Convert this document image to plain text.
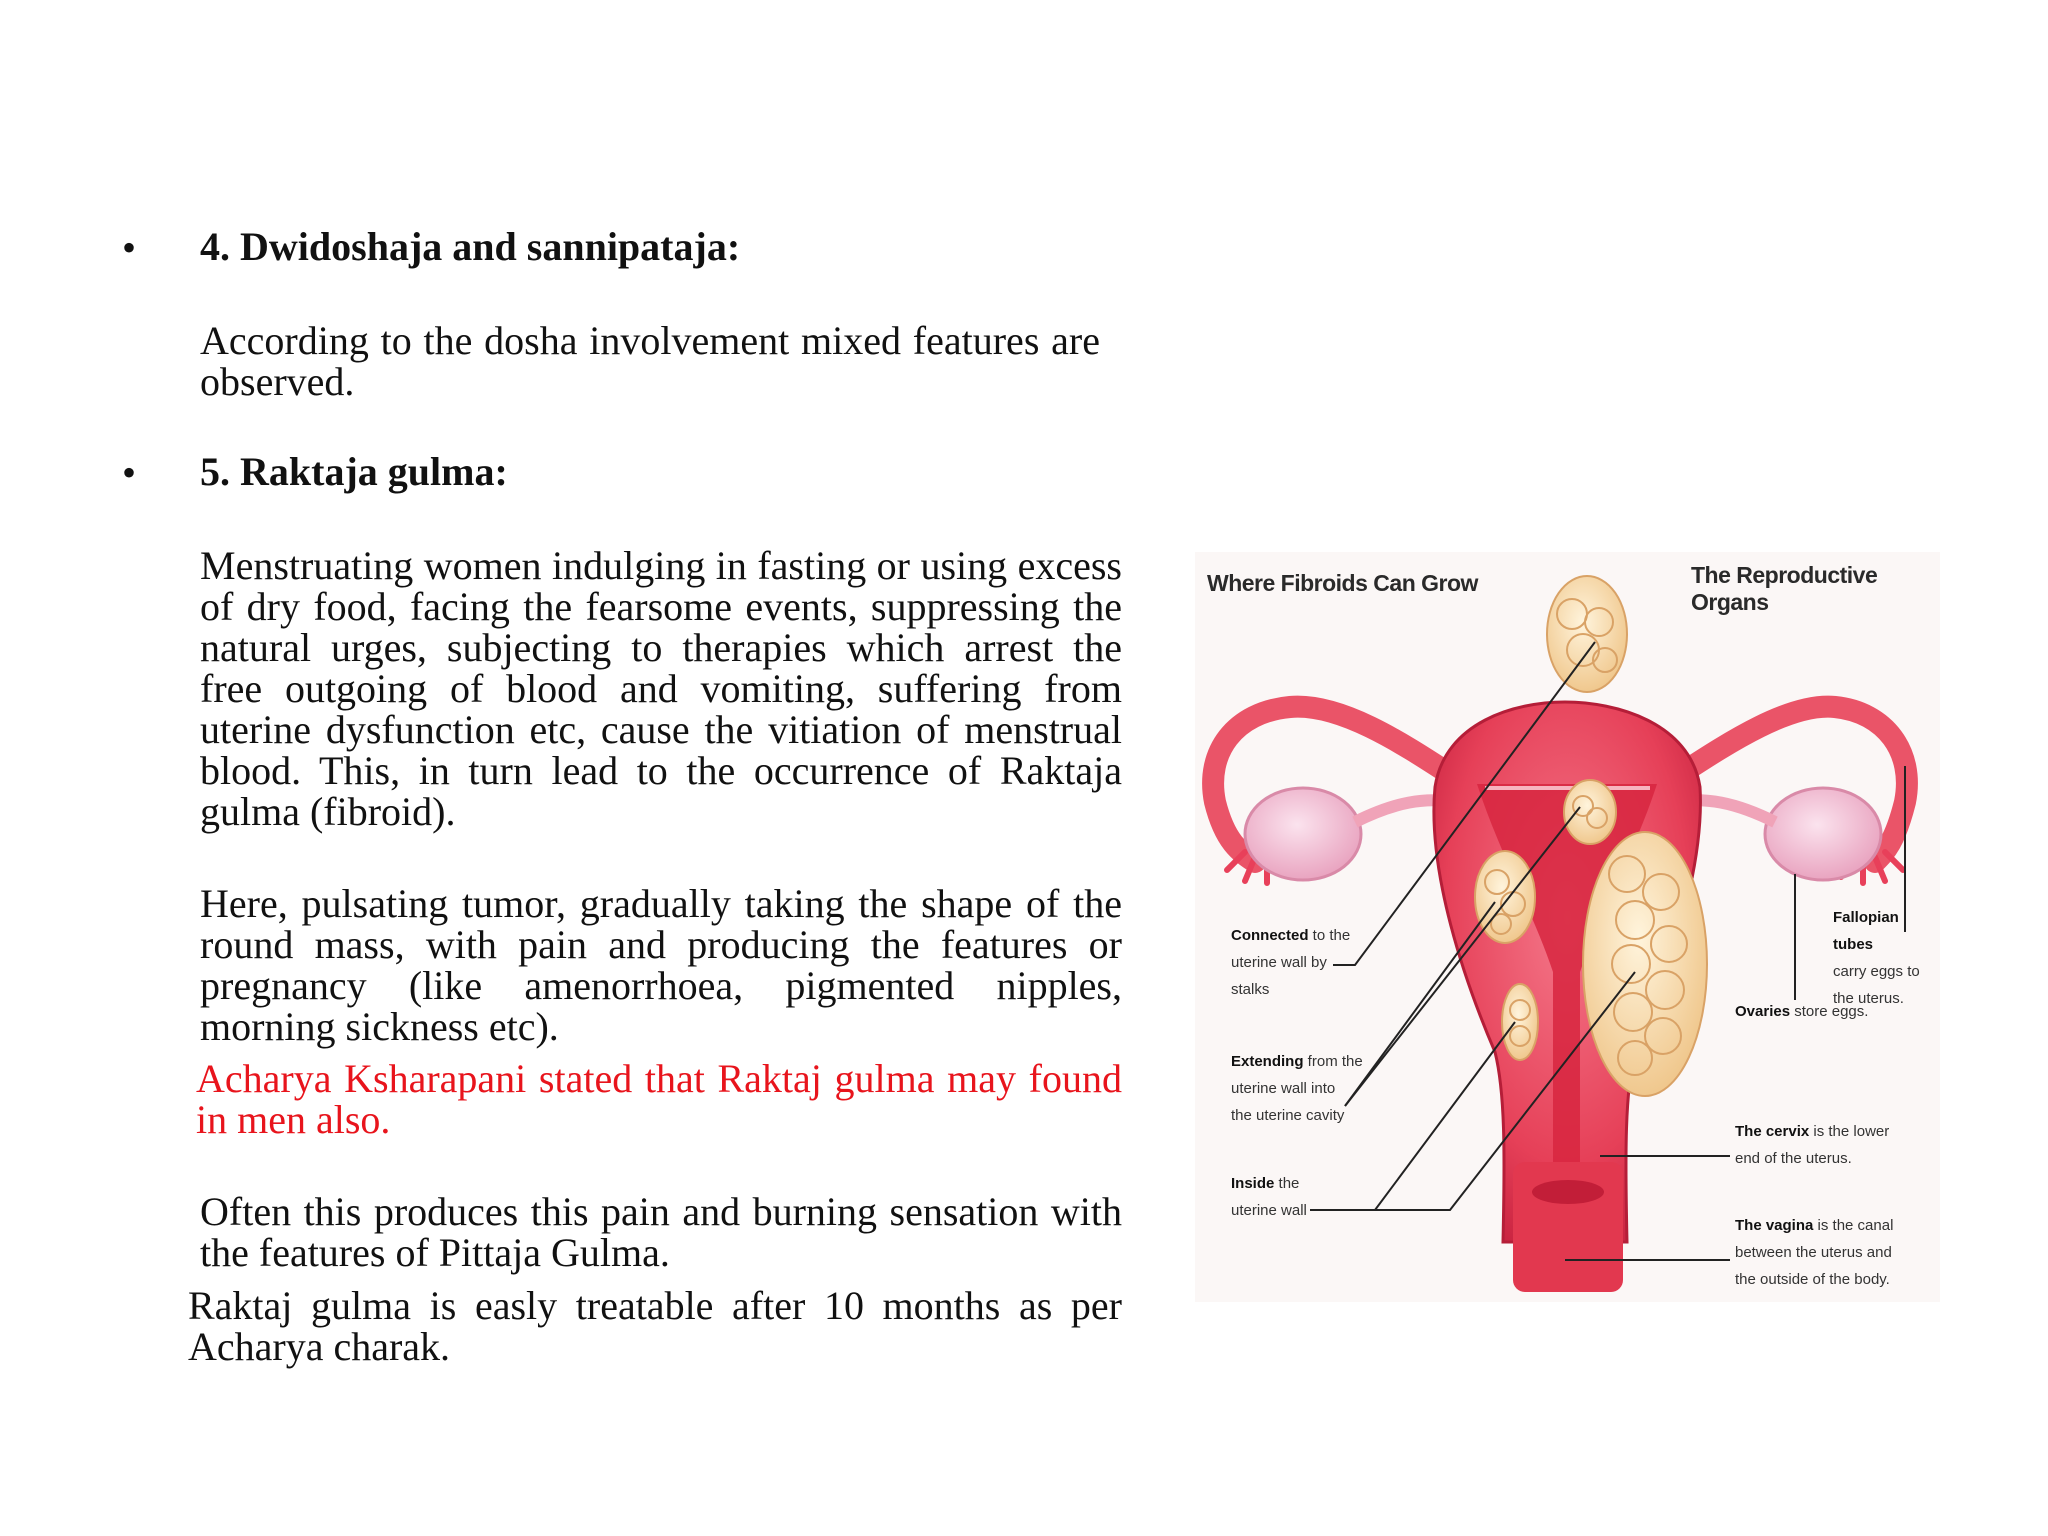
• 4. Dwidoshaja and sannipataja:
According to the dosha involvement mixed features are observed.
• 5. Raktaja gulma:
Menstruating women indulging in fasting or using excess of dry food, facing the fearsome events, suppressing the natural urges, subjecting to therapies which arrest the free outgoing of blood and vomiting, suffering from uterine dysfunction etc, cause the vitiation of menstrual blood. This, in turn lead to the occurrence of Raktaja gulma (fibroid).
Here, pulsating tumor, gradually taking the shape of the round mass, with pain and producing the features or pregnancy (like amenorrhoea, pigmented nipples, morning sickness etc).
Acharya Ksharapani stated that Raktaj gulma may found in men also.
Often this produces this pain and burning sensation with the features of Pittaja Gulma.
Raktaj gulma is easly treatable after 10 months as per Acharya charak.
Where Fibroids Can Grow	The Reproductive Organs
Connected to the
uterine wall by
stalks
Extending from the
uterine wall into
the uterine cavity
Inside the
uterine wall
Fallopian tubes
carry eggs to
the uterus.
Ovaries store eggs.
The cervix is the lower
end of the uterus.
The vagina is the canal
between the uterus and
the outside of the body.
